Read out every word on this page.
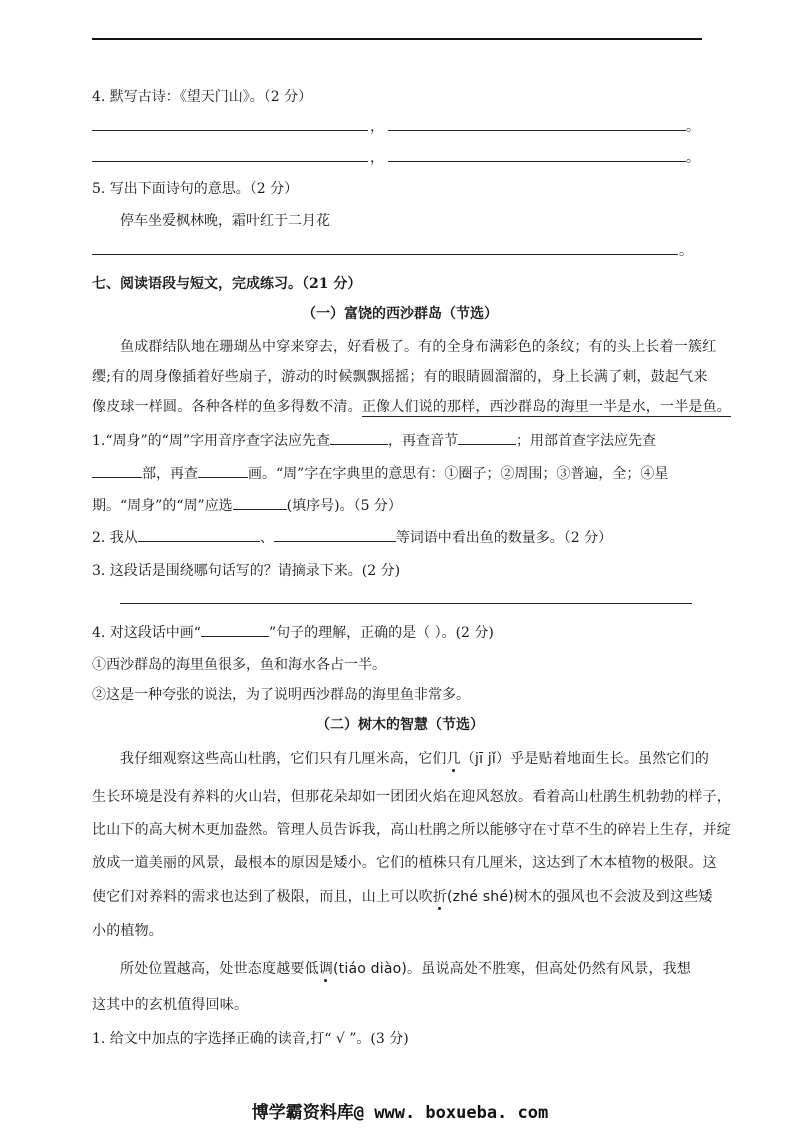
4. 默写古诗：《望天门山》。（2 分）
，	。
，	。
5. 写出下面诗句的意思。（2 分）
停车坐爱枫林晚，霜叶红于二月花
。
七、阅读语段与短文，完成练习。（21 分）
（一）富饶的西沙群岛（节选）
鱼成群结队地在珊瑚丛中穿来穿去，好看极了。有的全身布满彩色的条纹；有的头上长着一簇红
缨;有的周身像插着好些扇子，游动的时候飘飘摇摇；有的眼睛圆溜溜的，身上长满了刺，鼓起气来
像皮球一样圆。各种各样的鱼多得数不清。正像人们说的那样，西沙群岛的海里一半是水，一半是鱼。
1.“周身”的“周”字用音序查字法应先查	，再查音节	；用部首查字法应先查
部，再查	画。“周”字在字典里的意思有：①圈子；②周围；③普遍，全；④星
期。“周身”的“周”应选	(填序号)。（5 分）
2. 我从	、	等词语中看出鱼的数量多。（2 分）
3. 这段话是围绕哪句话写的？请摘录下来。(2 分)
4. 对这段话中画“	”句子的理解，正确的是（ ）。(2 分)
①西沙群岛的海里鱼很多，鱼和海水各占一半。
②这是一种夸张的说法，为了说明西沙群岛的海里鱼非常多。
（二）树木的智慧（节选）
我仔细观察这些高山杜鹃，它们只有几厘米高，它们几（jī jǐ）乎是贴着地面生长。虽然它们的
生长环境是没有养料的火山岩，但那花朵却如一团团火焰在迎风怒放。看着高山杜鹃生机勃勃的样子，
比山下的高大树木更加盎然。管理人员告诉我，高山杜鹃之所以能够守在寸草不生的碎岩上生存，并绽
放成一道美丽的风景，最根本的原因是矮小。它们的植株只有几厘米，这达到了木本植物的极限。这
使它们对养料的需求也达到了极限，而且，山上可以吹折(zhé shé)树木的强风也不会波及到这些矮
小的植物。
所处位置越高，处世态度越要低调(tiáo diào)。虽说高处不胜寒，但高处仍然有风景，我想
这其中的玄机值得回味。
1. 给文中加点的字选择正确的读音,打“ √ ”。(3 分)
博学霸资料库@ www. boxueba. com
